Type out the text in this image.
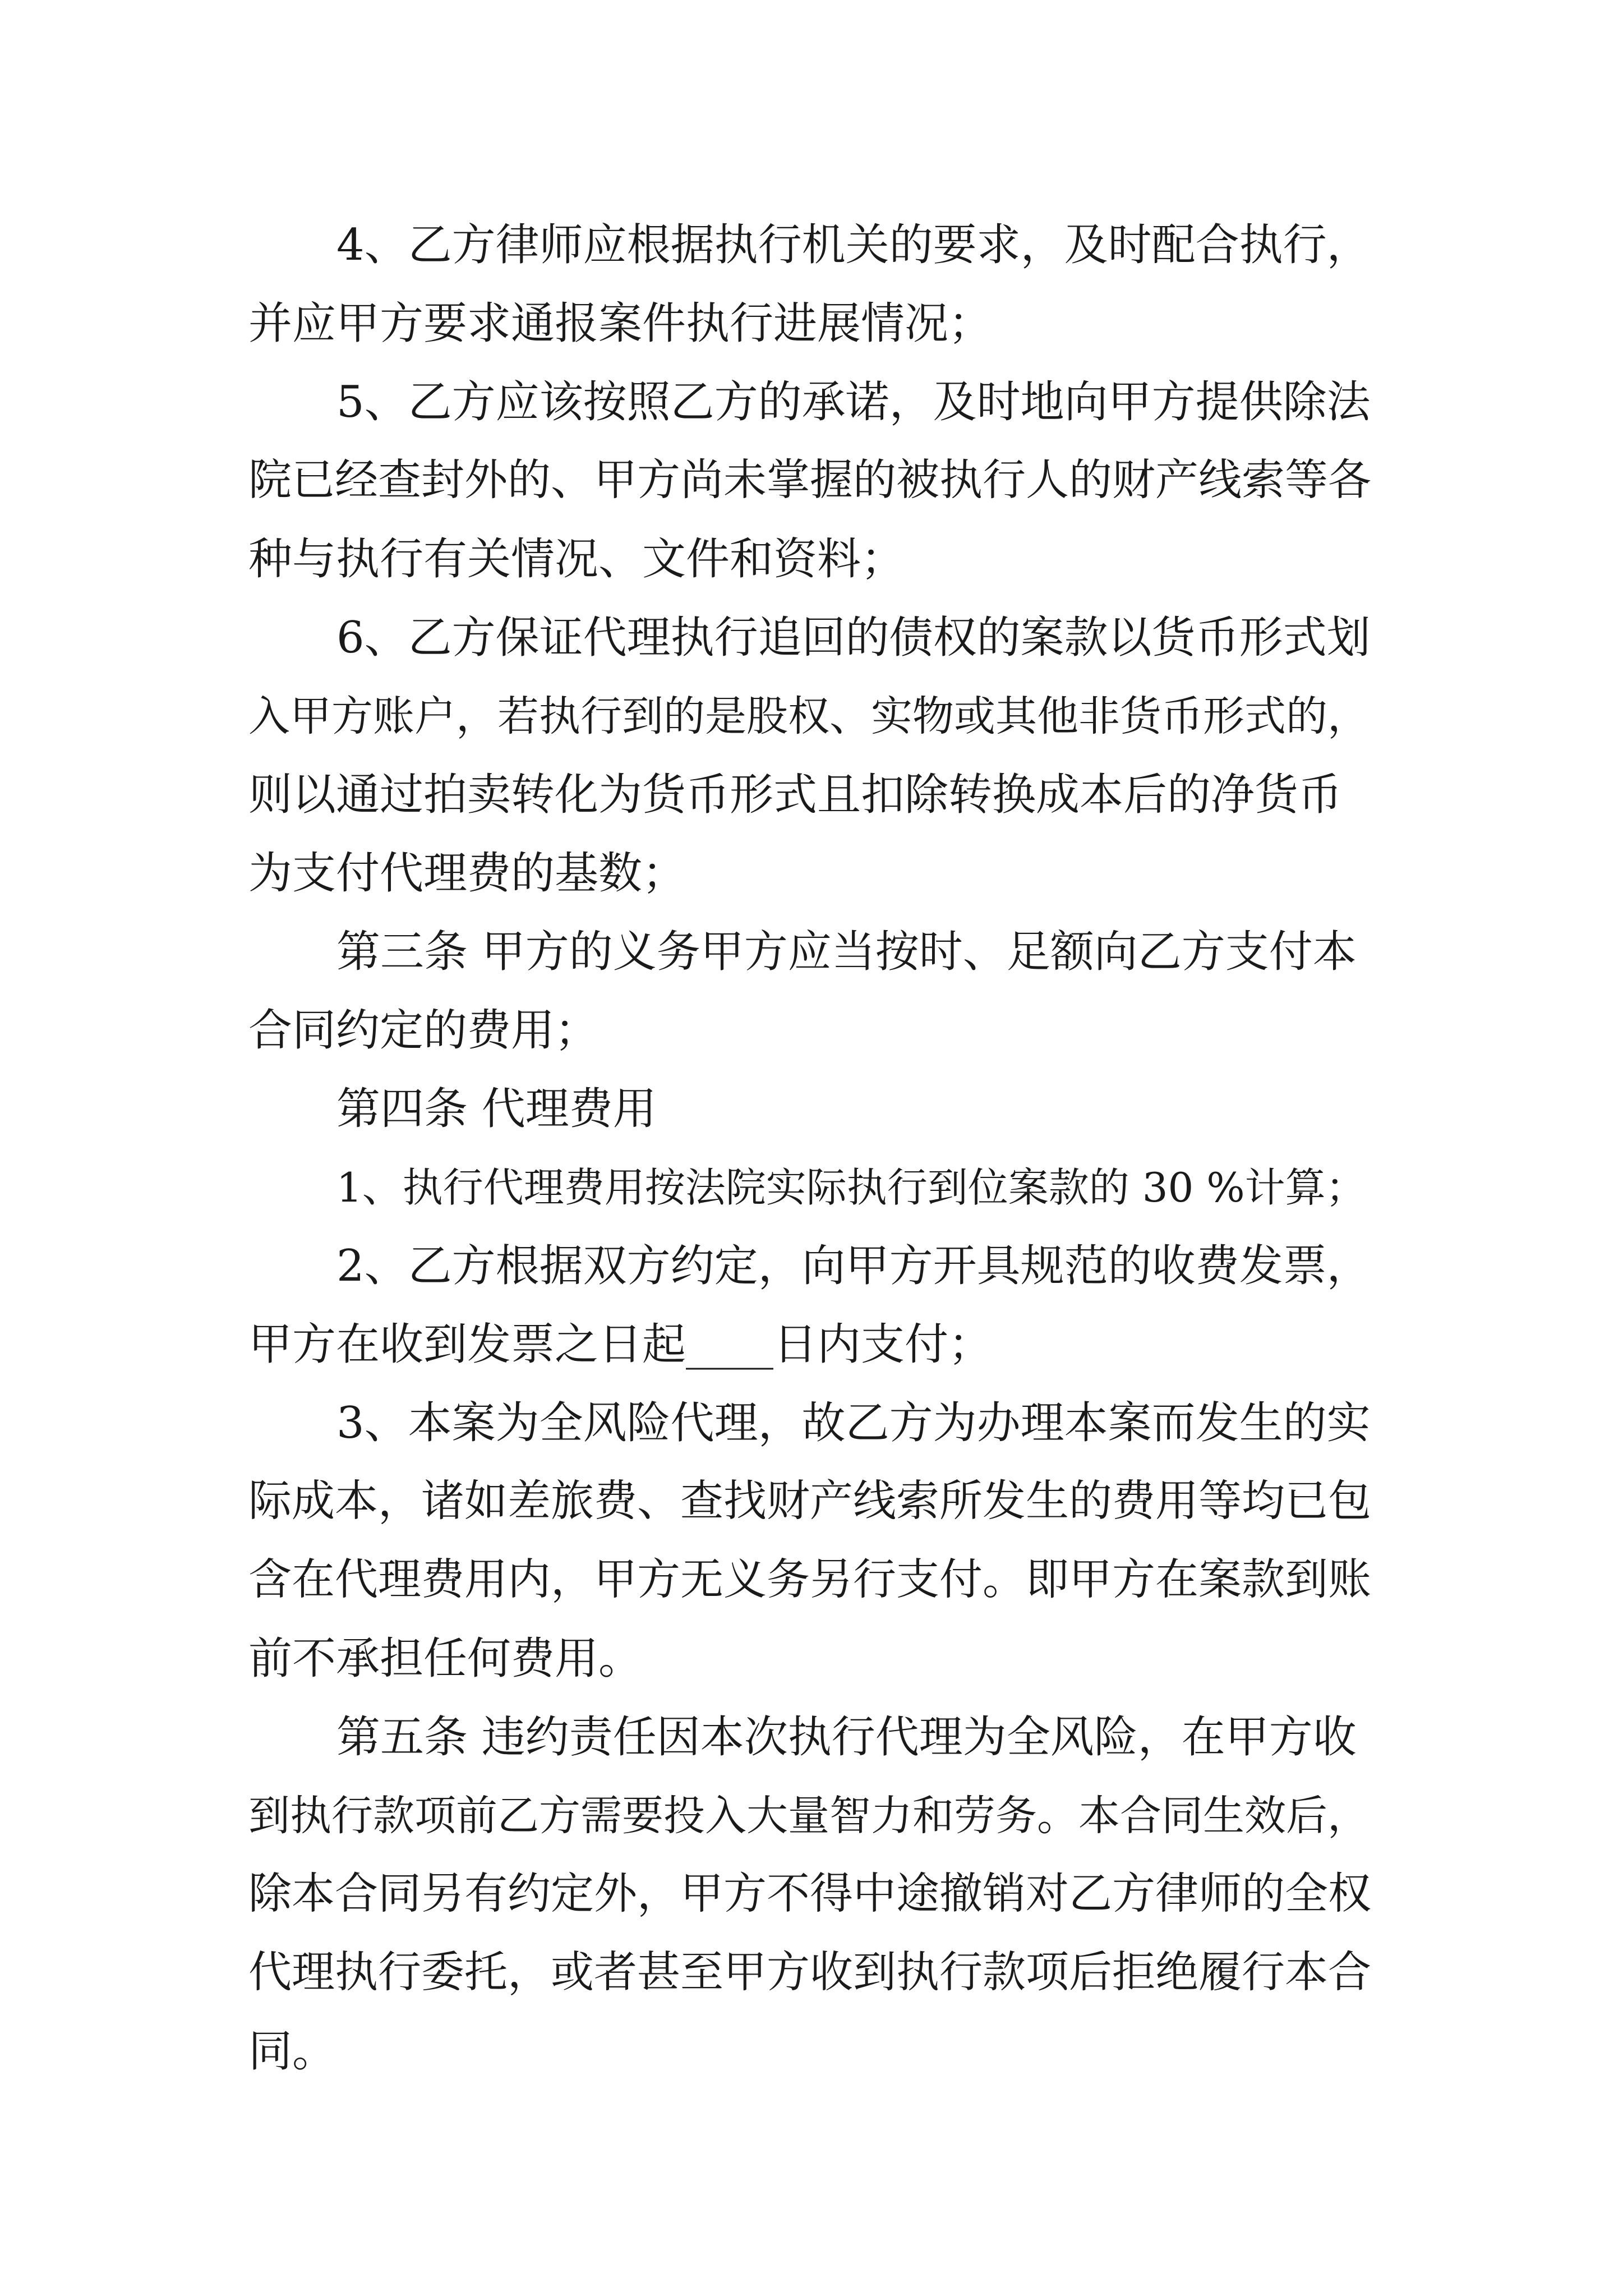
4、乙方律师应根据执行机关的要求，及时配合执行，

并应甲方要求通报案件执行进展情况；

5、乙方应该按照乙方的承诺，及时地向甲方提供除法

院已经查封外的、甲方尚未掌握的被执行人的财产线索等各

种与执行有关情况、文件和资料；

6、乙方保证代理执行追回的债权的案款以货币形式划

入甲方账户，若执行到的是股权、实物或其他非货币形式的，

则以通过拍卖转化为货币形式且扣除转换成本后的净货币

为支付代理费的基数；

第三条 甲方的义务甲方应当按时、足额向乙方支付本

合同约定的费用；

第四条 代理费用

1、执行代理费用按法院实际执行到位案款的 30 %计算；

2、乙方根据双方约定，向甲方开具规范的收费发票，

甲方在收到发票之日起____日内支付；

3、本案为全风险代理，故乙方为办理本案而发生的实

际成本，诸如差旅费、查找财产线索所发生的费用等均已包

含在代理费用内，甲方无义务另行支付。即甲方在案款到账

前不承担任何费用。

第五条 违约责任因本次执行代理为全风险，在甲方收

到执行款项前乙方需要投入大量智力和劳务。本合同生效后，

除本合同另有约定外，甲方不得中途撤销对乙方律师的全权

代理执行委托，或者甚至甲方收到执行款项后拒绝履行本合

同。
